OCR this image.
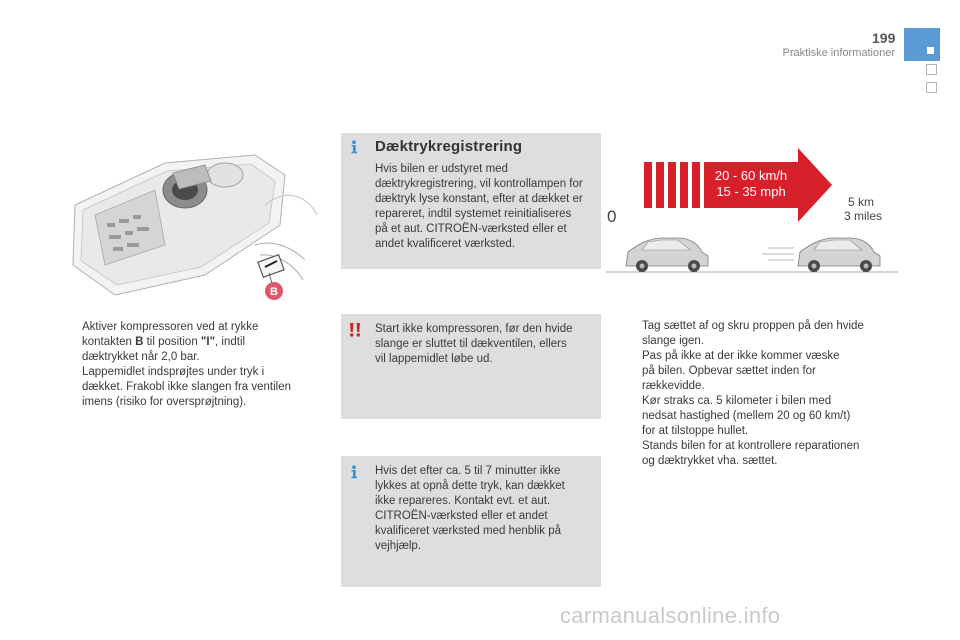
199
Praktiske informationer
B
Aktiver kompressoren ved at rykke
kontakten B til position "I", indtil
dæktrykket når 2,0 bar.
Lappemidlet indsprøjtes under tryk i
dækket. Frakobl ikke slangen fra ventilen
imens (risiko for oversprøjtning).
Dæktrykregistrering
Hvis bilen er udstyret med
dæktrykregistrering, vil kontrollampen for
dæktryk lyse konstant, efter at dækket er
repareret, indtil systemet reinitialiseres
på et aut. CITROËN-værksted eller et
andet kvalificeret værksted.
Start ikke kompressoren, før den hvide
slange er sluttet til dækventilen, ellers
vil lappemidlet løbe ud.
Hvis det efter ca. 5 til 7 minutter ikke
lykkes at opnå dette tryk, kan dækket
ikke repareres. Kontakt evt. et aut.
CITROËN-værksted eller et andet
kvalificeret værksted med henblik på
vejhjælp.
20 - 60 km/h
15 - 35 mph
0
5 km
3 miles
Tag sættet af og skru proppen på den hvide
slange igen.
Pas på ikke at der ikke kommer væske
på bilen. Opbevar sættet inden for
rækkevidde.
Kør straks ca. 5 kilometer i bilen med
nedsat hastighed (mellem 20 og 60 km/t)
for at tilstoppe hullet.
Stands bilen for at kontrollere reparationen
og dæktrykket vha. sættet.
carmanualsonline.info
